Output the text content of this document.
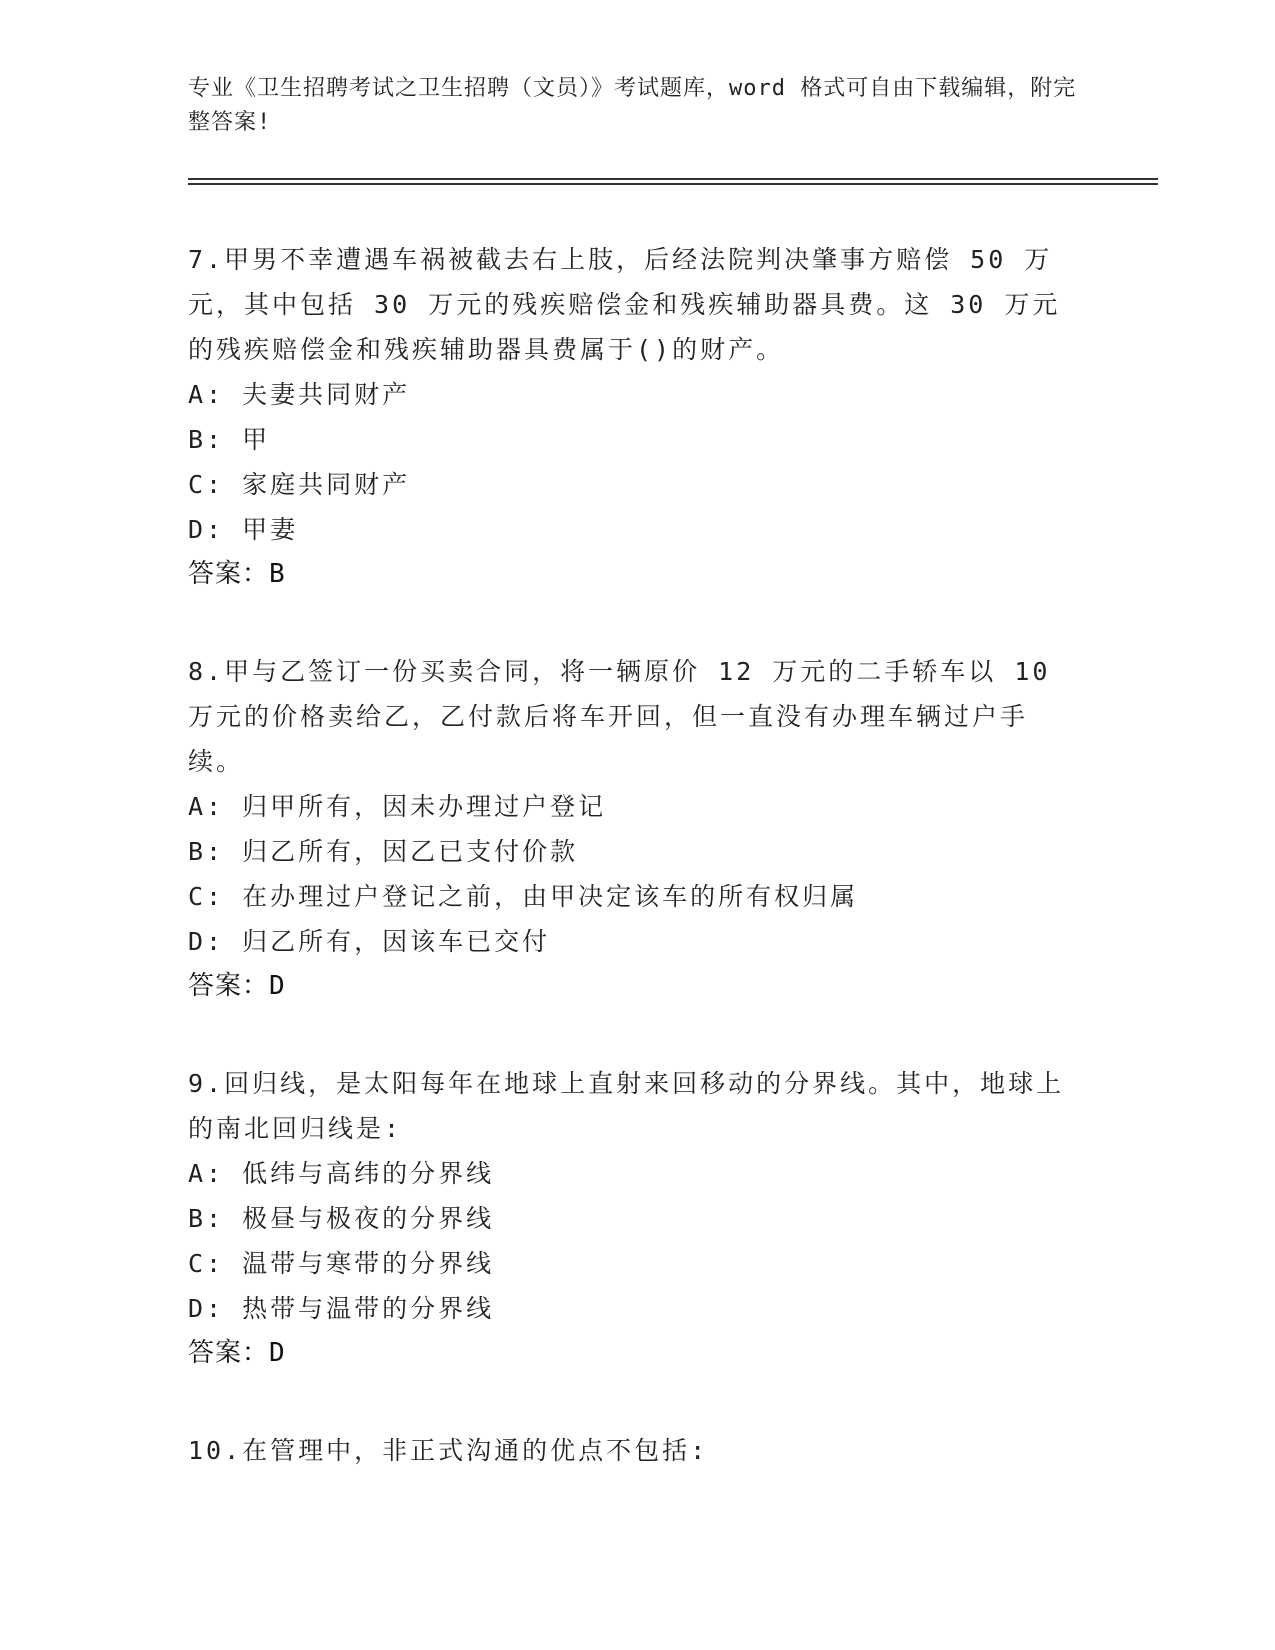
专业《卫生招聘考试之卫生招聘（文员）》考试题库，word 格式可自由下载编辑，附完整答案!
7.甲男不幸遭遇车祸被截去右上肢，后经法院判决肇事方赔偿 50 万元，其中包括 30 万元的残疾赔偿金和残疾辅助器具费。这 30 万元的残疾赔偿金和残疾辅助器具费属于()的财产。
A: 夫妻共同财产
B: 甲
C: 家庭共同财产
D: 甲妻
答案：B
8.甲与乙签订一份买卖合同，将一辆原价 12 万元的二手轿车以 10 万元的价格卖给乙，乙付款后将车开回，但一直没有办理车辆过户手续。
A: 归甲所有，因未办理过户登记
B: 归乙所有，因乙已支付价款
C: 在办理过户登记之前，由甲决定该车的所有权归属
D: 归乙所有，因该车已交付
答案：D
9.回归线，是太阳每年在地球上直射来回移动的分界线。其中，地球上的南北回归线是:
A: 低纬与高纬的分界线
B: 极昼与极夜的分界线
C: 温带与寒带的分界线
D: 热带与温带的分界线
答案：D
10.在管理中，非正式沟通的优点不包括:
